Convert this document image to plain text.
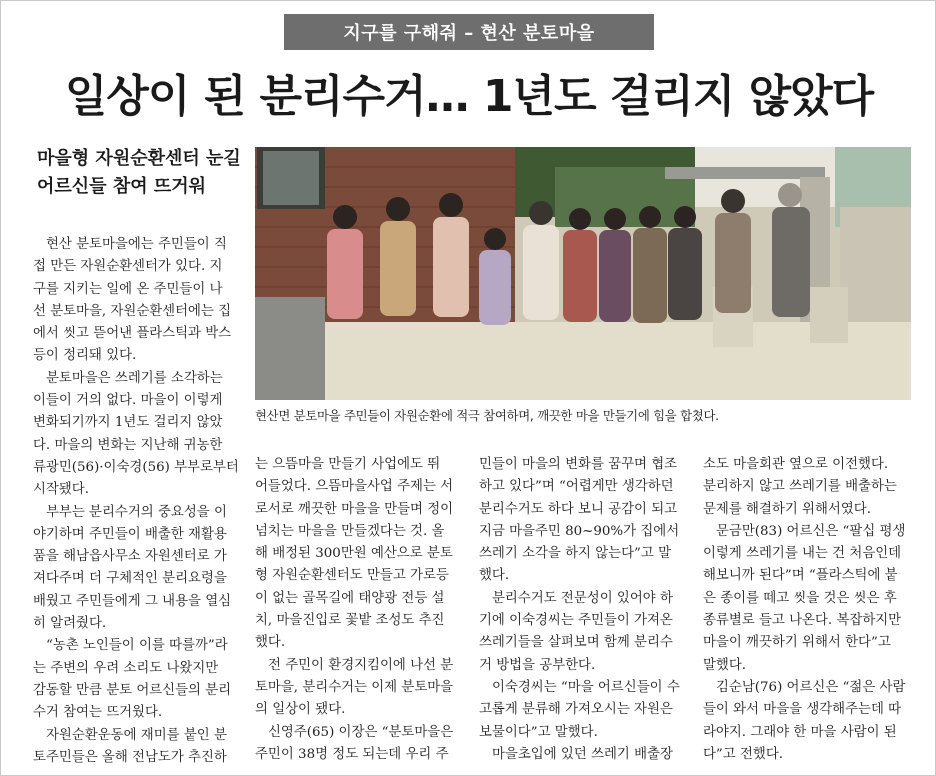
지구를 구해줘 – 현산 분토마을
일상이 된 분리수거… 1년도 걸리지 않았다
마을형 자원순환센터 눈길
어르신들 참여 뜨거워
현산면 분토마을 주민들이 자원순환에 적극 참여하며, 깨끗한 마을 만들기에 힘을 합쳤다.

현산 분토마을에는 주민들이 직

접 만든 자원순환센터가 있다. 지

구를 지키는 일에 온 주민들이 나

선 분토마을, 자원순환센터에는 집

에서 씻고 뜯어낸 플라스틱과 박스

등이 정리돼 있다.

분토마을은 쓰레기를 소각하는

이들이 거의 없다. 마을이 이렇게

변화되기까지 1년도 걸리지 않았

다. 마을의 변화는 지난해 귀농한

류광민(56)·이숙경(56) 부부로부터

시작됐다.

부부는 분리수거의 중요성을 이

야기하며 주민들이 배출한 재활용

품을 해남읍사무소 자원센터로 가

져다주며 더 구체적인 분리요령을

배웠고 주민들에게 그 내용을 열심

히 알려줬다.

“농촌 노인들이 이를 따를까”라

는 주변의 우려 소리도 나왔지만

감동할 만큼 분토 어르신들의 분리

수거 참여는 뜨거웠다.

자원순환운동에 재미를 붙인 분

토주민들은 올해 전남도가 추진하

는 으뜸마을 만들기 사업에도 뛰

어들었다. 으뜸마을사업 주제는 서

로서로 깨끗한 마을을 만들며 정이

넘치는 마을을 만들겠다는 것. 올

해 배정된 300만원 예산으로 분토

형 자원순환센터도 만들고 가로등

이 없는 골목길에 태양광 전등 설

치, 마을진입로 꽃밭 조성도 추진

했다.

전 주민이 환경지킴이에 나선 분

토마을, 분리수거는 이제 분토마을

의 일상이 됐다.

신영주(65) 이장은 “분토마을은

주민이 38명 정도 되는데 우리 주

민들이 마을의 변화를 꿈꾸며 협조

하고 있다”며 “어렵게만 생각하던

분리수거도 하다 보니 공감이 되고

지금 마을주민 80~90%가 집에서

쓰레기 소각을 하지 않는다”고 말

했다.

분리수거도 전문성이 있어야 하

기에 이숙경씨는 주민들이 가져온

쓰레기들을 살펴보며 함께 분리수

거 방법을 공부한다.

이숙경씨는 “마을 어르신들이 수

고롭게 분류해 가져오시는 자원은

보물이다”고 말했다.

마을초입에 있던 쓰레기 배출장

소도 마을회관 옆으로 이전했다.

분리하지 않고 쓰레기를 배출하는

문제를 해결하기 위해서였다.

문금만(83) 어르신은 “팔십 평생

이렇게 쓰레기를 내는 건 처음인데

해보니까 된다”며 “플라스틱에 붙

은 종이를 떼고 씻을 것은 씻은 후

종류별로 들고 나온다. 복잡하지만

마을이 깨끗하기 위해서 한다”고

말했다.

김순남(76) 어르신은 “젊은 사람

들이 와서 마을을 생각해주는데 따

라야지. 그래야 한 마을 사람이 된

다”고 전했다.
